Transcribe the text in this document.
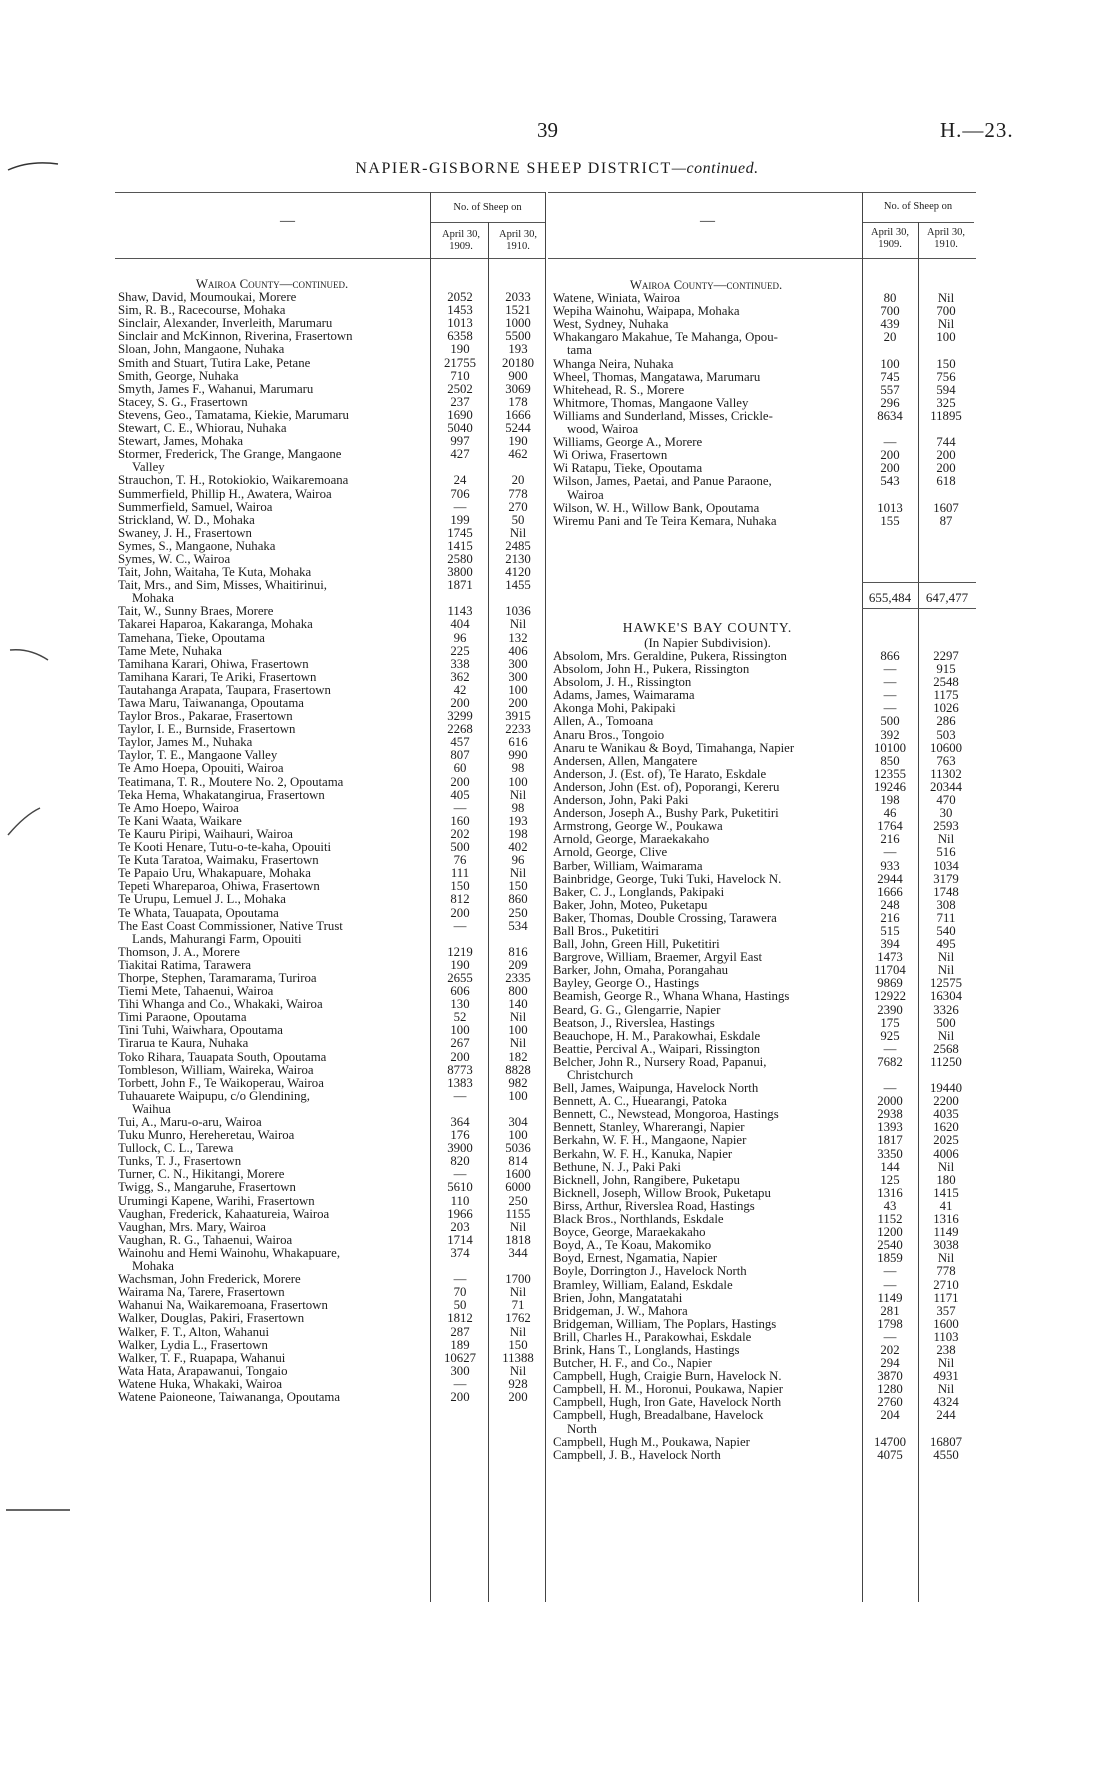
39	H.—23.
NAPIER-GISBORNE SHEEP DISTRICT—continued.
—
No. of Sheep on
April 30, 1909.
April 30, 1910.
—
No. of Sheep on
April 30, 1909.
April 30, 1910.
Wairoa County—continued.
Shaw, David, Moumoukai, Morere	2052	2033
Sim, R. B., Racecourse, Mohaka	1453	1521
Sinclair, Alexander, Inverleith, Marumaru	1013	1000
Sinclair and McKinnon, Riverina, Frasertown	6358	5500
Sloan, John, Mangaone, Nuhaka	190	193
Smith and Stuart, Tutira Lake, Petane	21755	20180
Smith, George, Nuhaka	710	900
Smyth, James F., Wahanui, Marumaru	2502	3069
Stacey, S. G., Frasertown	237	178
Stevens, Geo., Tamatama, Kiekie, Marumaru	1690	1666
Stewart, C. E., Whiorau, Nuhaka	5040	5244
Stewart, James, Mohaka	997	190
Stormer, Frederick, The Grange, Mangaone	427	462
Valley
Strauchon, T. H., Rotokiokio, Waikaremoana	24	20
Summerfield, Phillip H., Awatera, Wairoa	706	778
Summerfield, Samuel, Wairoa	—	270
Strickland, W. D., Mohaka	199	50
Swaney, J. H., Frasertown	1745	Nil
Symes, S., Mangaone, Nuhaka	1415	2485
Symes, W. C., Wairoa	2580	2130
Tait, John, Waitaha, Te Kuta, Mohaka	3800	4120
Tait, Mrs., and Sim, Misses, Whaitirinui,	1871	1455
Mohaka
Tait, W., Sunny Braes, Morere	1143	1036
Takarei Haparoa, Kakaranga, Mohaka	404	Nil
Tamehana, Tieke, Opoutama	96	132
Tame Mete, Nuhaka	225	406
Tamihana Karari, Ohiwa, Frasertown	338	300
Tamihana Karari, Te Ariki, Frasertown	362	300
Tautahanga Arapata, Taupara, Frasertown	42	100
Tawa Maru, Taiwananga, Opoutama	200	200
Taylor Bros., Pakarae, Frasertown	3299	3915
Taylor, I. E., Burnside, Frasertown	2268	2233
Taylor, James M., Nuhaka	457	616
Taylor, T. E., Mangaone Valley	807	990
Te Amo Hoepa, Opouiti, Wairoa	60	98
Teatimana, T. R., Moutere No. 2, Opoutama	200	100
Teka Hema, Whakatangirua, Frasertown	405	Nil
Te Amo Hoepo, Wairoa	—	98
Te Kani Waata, Waikare	160	193
Te Kauru Piripi, Waihauri, Wairoa	202	198
Te Kooti Henare, Tutu-o-te-kaha, Opouiti	500	402
Te Kuta Taratoa, Waimaku, Frasertown	76	96
Te Papaio Uru, Whakapuare, Mohaka	111	Nil
Tepeti Whareparoa, Ohiwa, Frasertown	150	150
Te Urupu, Lemuel J. L., Mohaka	812	860
Te Whata, Tauapata, Opoutama	200	250
The East Coast Commissioner, Native Trust	—	534
Lands, Mahurangi Farm, Opouiti
Thomson, J. A., Morere	1219	816
Tiakitai Ratima, Tarawera	190	209
Thorpe, Stephen, Taramarama, Turiroa	2655	2335
Tiemi Mete, Tahaenui, Wairoa	606	800
Tihi Whanga and Co., Whakaki, Wairoa	130	140
Timi Paraone, Opoutama	52	Nil
Tini Tuhi, Waiwhara, Opoutama	100	100
Tirarua te Kaura, Nuhaka	267	Nil
Toko Rihara, Tauapata South, Opoutama	200	182
Tombleson, William, Waireka, Wairoa	8773	8828
Torbett, John F., Te Waikoperau, Wairoa	1383	982
Tuhauarete Waipupu, c/o Glendining,	—	100
Waihua
Tui, A., Maru-o-aru, Wairoa	364	304
Tuku Munro, Hereheretau, Wairoa	176	100
Tullock, C. L., Tarewa	3900	5036
Tunks, T. J., Frasertown	820	814
Turner, C. N., Hikitangi, Morere	—	1600
Twigg, S., Mangaruhe, Frasertown	5610	6000
Urumingi Kapene, Warihi, Frasertown	110	250
Vaughan, Frederick, Kahaatureia, Wairoa	1966	1155
Vaughan, Mrs. Mary, Wairoa	203	Nil
Vaughan, R. G., Tahaenui, Wairoa	1714	1818
Wainohu and Hemi Wainohu, Whakapuare,	374	344
Mohaka
Wachsman, John Frederick, Morere	—	1700
Wairama Na, Tarere, Frasertown	70	Nil
Wahanui Na, Waikaremoana, Frasertown	50	71
Walker, Douglas, Pakiri, Frasertown	1812	1762
Walker, F. T., Alton, Wahanui	287	Nil
Walker, Lydia L., Frasertown	189	150
Walker, T. F., Ruapapa, Wahanui	10627	11388
Wata Hata, Arapawanui, Tongaio	300	Nil
Watene Huka, Whakaki, Wairoa	—	928
Watene Paioneone, Taiwananga, Opoutama	200	200
Wairoa County—continued.
Watene, Winiata, Wairoa	80	Nil
Wepiha Wainohu, Waipapa, Mohaka	700	700
West, Sydney, Nuhaka	439	Nil
Whakangaro Makahue, Te Mahanga, Opou-	20	100
tama
Whanga Neira, Nuhaka	100	150
Wheel, Thomas, Mangatawa, Marumaru	745	756
Whitehead, R. S., Morere	557	594
Whitmore, Thomas, Mangaone Valley	296	325
Williams and Sunderland, Misses, Crickle-	8634	11895
wood, Wairoa
Williams, George A., Morere	—	744
Wi Oriwa, Frasertown	200	200
Wi Ratapu, Tieke, Opoutama	200	200
Wilson, James, Paetai, and Panue Paraone,	543	618
Wairoa
Wilson, W. H., Willow Bank, Opoutama	1013	1607
Wiremu Pani and Te Teira Kemara, Nuhaka	155	87
655,484	647,477
HAWKE'S BAY COUNTY.
(In Napier Subdivision).
Absolom, Mrs. Geraldine, Pukera, Rissington	866	2297
Absolom, John H., Pukera, Rissington	—	915
Absolom, J. H., Rissington	—	2548
Adams, James, Waimarama	—	1175
Akonga Mohi, Pakipaki	—	1026
Allen, A., Tomoana	500	286
Anaru Bros., Tongoio	392	503
Anaru te Wanikau & Boyd, Timahanga, Napier	10100	10600
Andersen, Allen, Mangatere	850	763
Anderson, J. (Est. of), Te Harato, Eskdale	12355	11302
Anderson, John (Est. of), Poporangi, Kereru	19246	20344
Anderson, John, Paki Paki	198	470
Anderson, Joseph A., Bushy Park, Puketitiri	46	30
Armstrong, George W., Poukawa	1764	2593
Arnold, George, Maraekakaho	216	Nil
Arnold, George, Clive	—	516
Barber, William, Waimarama	933	1034
Bainbridge, George, Tuki Tuki, Havelock N.	2944	3179
Baker, C. J., Longlands, Pakipaki	1666	1748
Baker, John, Moteo, Puketapu	248	308
Baker, Thomas, Double Crossing, Tarawera	216	711
Ball Bros., Puketitiri	515	540
Ball, John, Green Hill, Puketitiri	394	495
Bargrove, William, Braemer, Argyil East	1473	Nil
Barker, John, Omaha, Porangahau	11704	Nil
Bayley, George O., Hastings	9869	12575
Beamish, George R., Whana Whana, Hastings	12922	16304
Beard, G. G., Glengarrie, Napier	2390	3326
Beatson, J., Riverslea, Hastings	175	500
Beauchope, H. M., Parakowhai, Eskdale	925	Nil
Beattie, Percival A., Waipari, Rissington	—	2568
Belcher, John R., Nursery Road, Papanui,	7682	11250
Christchurch
Bell, James, Waipunga, Havelock North	—	19440
Bennett, A. C., Huearangi, Patoka	2000	2200
Bennett, C., Newstead, Mongoroa, Hastings	2938	4035
Bennett, Stanley, Wharerangi, Napier	1393	1620
Berkahn, W. F. H., Mangaone, Napier	1817	2025
Berkahn, W. F. H., Kanuka, Napier	3350	4006
Bethune, N. J., Paki Paki	144	Nil
Bicknell, John, Rangibere, Puketapu	125	180
Bicknell, Joseph, Willow Brook, Puketapu	1316	1415
Birss, Arthur, Riverslea Road, Hastings	43	41
Black Bros., Northlands, Eskdale	1152	1316
Boyce, George, Maraekakaho	1200	1149
Boyd, A., Te Koau, Makomiko	2540	3038
Boyd, Ernest, Ngamatia, Napier	1859	Nil
Boyle, Dorrington J., Havelock North	—	778
Bramley, William, Ealand, Eskdale	—	2710
Brien, John, Mangatatahi	1149	1171
Bridgeman, J. W., Mahora	281	357
Bridgeman, William, The Poplars, Hastings	1798	1600
Brill, Charles H., Parakowhai, Eskdale	—	1103
Brink, Hans T., Longlands, Hastings	202	238
Butcher, H. F., and Co., Napier	294	Nil
Campbell, Hugh, Craigie Burn, Havelock N.	3870	4931
Campbell, H. M., Horonui, Poukawa, Napier	1280	Nil
Campbell, Hugh, Iron Gate, Havelock North	2760	4324
Campbell, Hugh, Breadalbane, Havelock	204	244
North
Campbell, Hugh M., Poukawa, Napier	14700	16807
Campbell, J. B., Havelock North	4075	4550
